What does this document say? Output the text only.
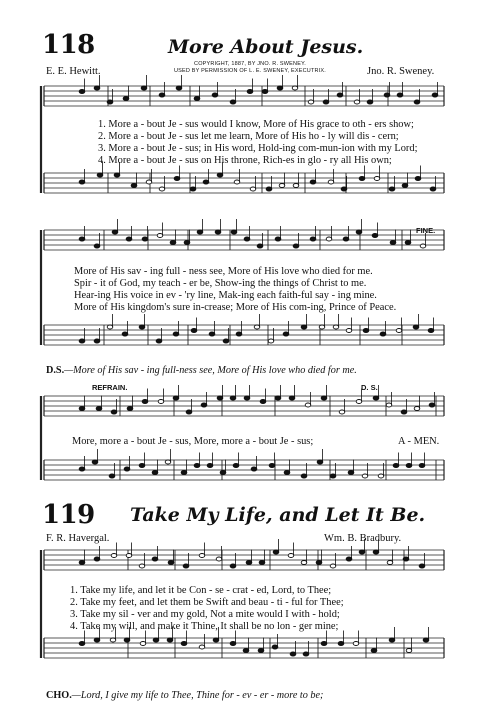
118	More About Jesus.
E. E. Hewitt.
COPYRIGHT, 1887, BY JNO. R. SWENEY.
USED BY PERMISSION OF L. E. SWENEY, EXECUTRIX.	Jno. R. Sweney.
1. More a - bout Je - sus would I know, More of His grace to oth - ers show;
2. More a - bout Je - sus let me learn, More of His ho - ly will dis - cern;
3. More a - bout Je - sus; in His word, Hold-ing com-mun-ion with my Lord;
4. More a - bout Je - sus on His throne, Rich-es in glo - ry all His own;
FINE.
More of His sav - ing full - ness see, More of His love who died for me.
Spir - it of God, my teach - er be, Show-ing the things of Christ to me.
Hear-ing His voice in ev - 'ry line, Mak-ing each faith-ful say - ing mine.
More of His kingdom's sure in-crease; More of His com-ing, Prince of Peace.
D.S.—More of His sav - ing full-ness see, More of His love who died for me.
REFRAIN.	D. S.
More, more a - bout Je - sus, More, more a - bout Je - sus;	A - MEN.
119 Take My Life, and Let It Be.
F. R. Havergal.	Wm. B. Bradbury.
1. Take my life, and let it be Con - se - crat - ed, Lord, to Thee;
2. Take my feet, and let them be Swift and beau - ti - ful for Thee;
3. Take my sil - ver and my gold, Not a mite would I with - hold;
4. Take my will, and make it Thine, It shall be no lon - ger mine;
CHO.—Lord, I give my life to Thee, Thine for - ev - er - more to be;
